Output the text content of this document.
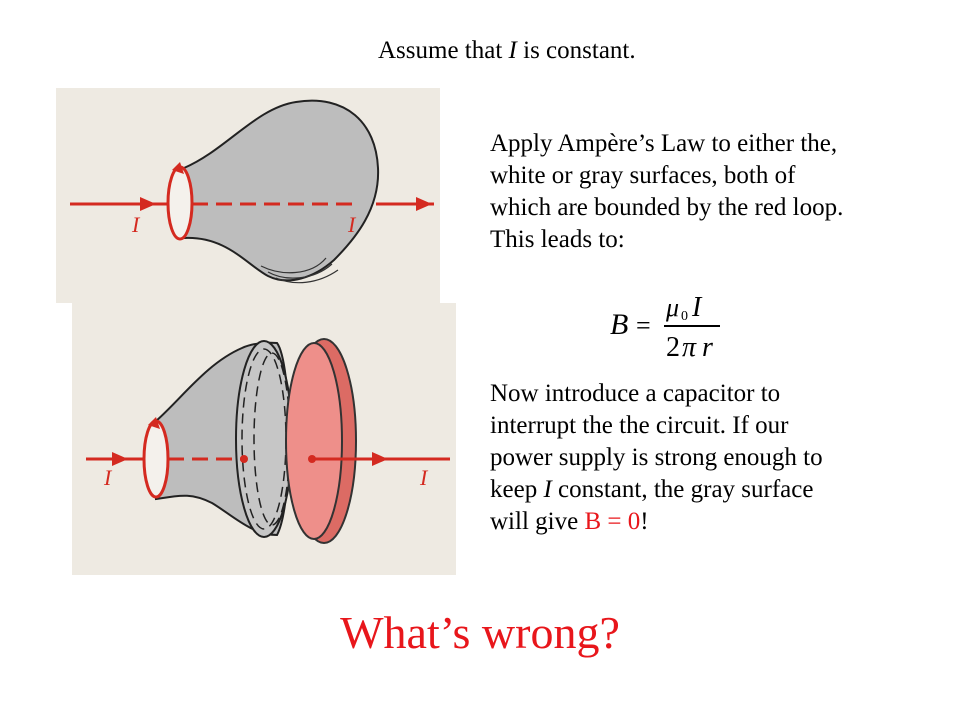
Assume that I is constant.
I	I
I	I
Apply Ampère’s Law to either the,
white or gray surfaces, both of
which are bounded by the red loop.
This leads to:
B =
μ 0 I
2 π r
Now introduce a capacitor to
interrupt the the circuit. If our
power supply is strong enough to
keep I constant, the gray surface
will give B = 0!
What’s wrong?
